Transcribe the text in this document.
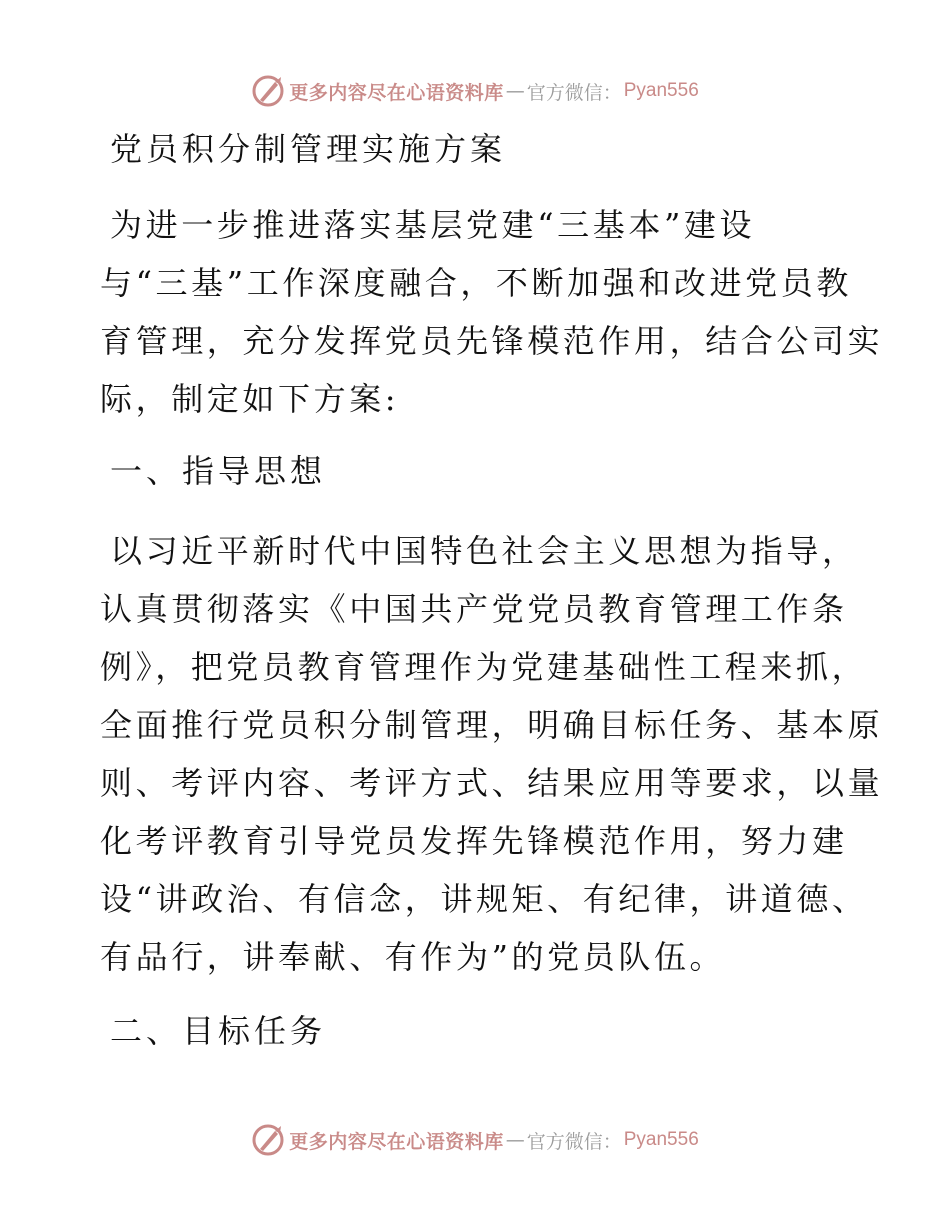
更多内容尽在心语资料库 — 官方微信： Pyan556
党员积分制管理实施方案

为进一步推进落实基层党建“三基本”建设

与“三基”工作深度融合，不断加强和改进党员教

育管理，充分发挥党员先锋模范作用，结合公司实

际，制定如下方案:

一、指导思想

以习近平新时代中国特色社会主义思想为指导，

认真贯彻落实《中国共产党党员教育管理工作条

例》，把党员教育管理作为党建基础性工程来抓，

全面推行党员积分制管理，明确目标任务、基本原

则、考评内容、考评方式、结果应用等要求，以量

化考评教育引导党员发挥先锋模范作用，努力建

设“讲政治、有信念，讲规矩、有纪律，讲道德、

有品行，讲奉献、有作为”的党员队伍。

二、目标任务
更多内容尽在心语资料库 — 官方微信： Pyan556
